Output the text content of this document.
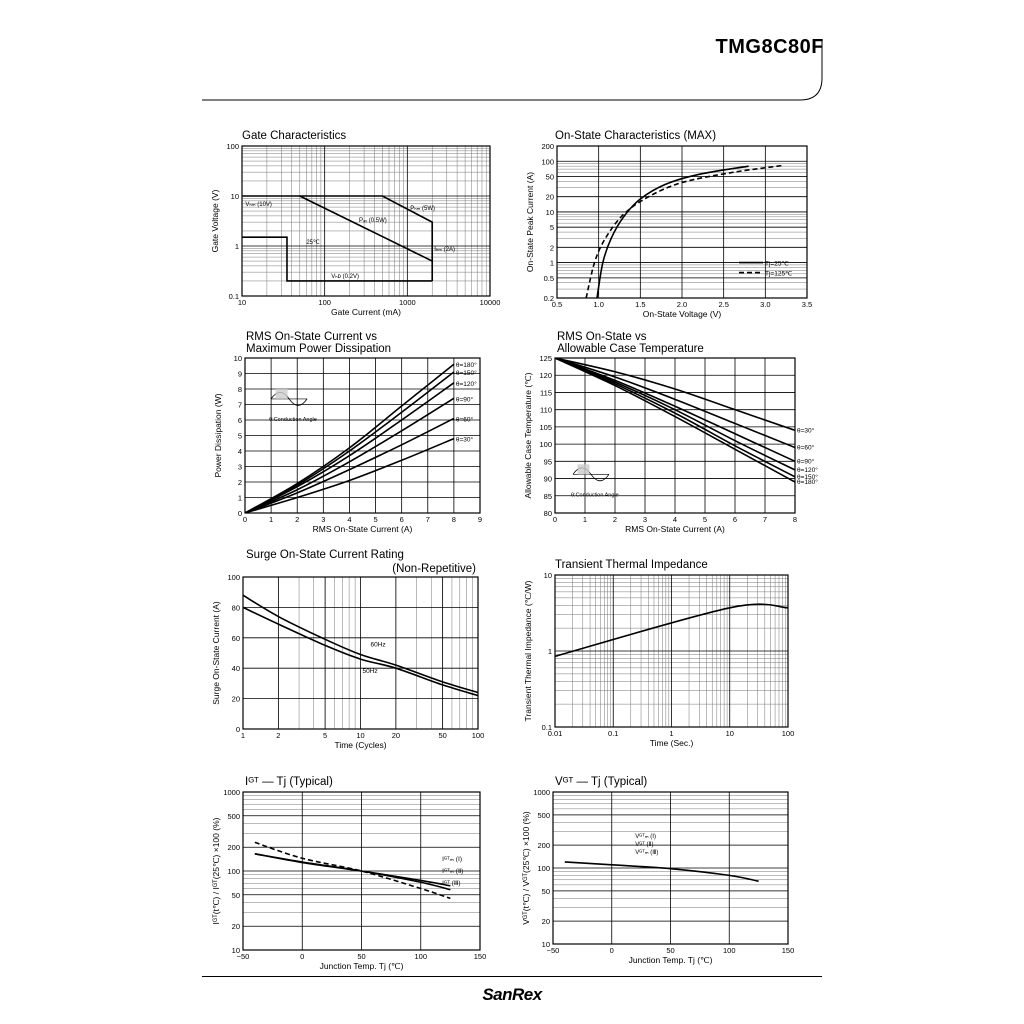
TMG8C80F
Gate Characteristics
10	100	1000	10000
0.1
1
10
100
Gate Current (mA)
Gate Voltage (V)	Vₕₘ (10V)
Pₕₘ (5W)
Pₐᵥ (0.5W)
Iₕₘ (2A)
25℃
Vₕᴅ (0.2V)
On-State Characteristics (MAX)
0.5	1.0	1.5	2.0	2.5	3.0	3.5
0.2
0.5
1
2
5
10
20
50
100
200
On-State Voltage (V)
On-State Peak Current (A)	Tj=25℃
Tj=125℃
RMS On-State Current vs
Maximum Power Dissipation
0	1	2	3	4	5	6	7	8	9
0
1
2
3
4
5
6
7
8
9
10
RMS On-State Current (A)
Power Dissipation (W)
θ=180°
θ=150°
θ=120°
θ=90°
θ=60°
θ=30°
θ:Conduction Angle
RMS On-State vs
Allowable Case Temperature
0	1	2	3	4	5	6	7	8
80
85
90
95
100
105
110
115
120
125
RMS On-State Current (A)
Allowable Case Temperature (℃)	θ=30°
θ=60°
θ=90°
θ=120°
θ=150°
θ=180°
θ:Conduction Angle
Surge On-State Current Rating
(Non-Repetitive)
1	2	5	10	20	50	100
0
20
40
60
80
100
Time (Cycles)
Surge On-State Current (A)	60Hz
50Hz
Transient Thermal Impedance
0.01	0.1	1	10	100
0.1
1
10
Time (Sec.)
Transient Thermal Impedance (℃/W)
Iᴳᵀ — Tj (Typical)
−50	0	50	100	150
10
20
50
100
200
500
1000
Junction Temp. Tj (℃)
Iᴳᵀ(t℃) / Iᴳᵀ(25℃) ×100 (%)	Iᴳᵀₘ (Ⅰ)
Iᴳᵀₘ (Ⅱ)
Iᴳᵀ (Ⅲ)
Vᴳᵀ — Tj (Typical)
−50	0	50	100	150
10
20
50
100
200
500
1000
Junction Temp. Tj (℃)
Vᴳᵀ(t℃) / Vᴳᵀ(25℃) ×100 (%)	Vᴳᵀₘ (Ⅰ)
Vᴳᵀ (Ⅱ)
Vᴳᵀₘ (Ⅲ)
SanRex
